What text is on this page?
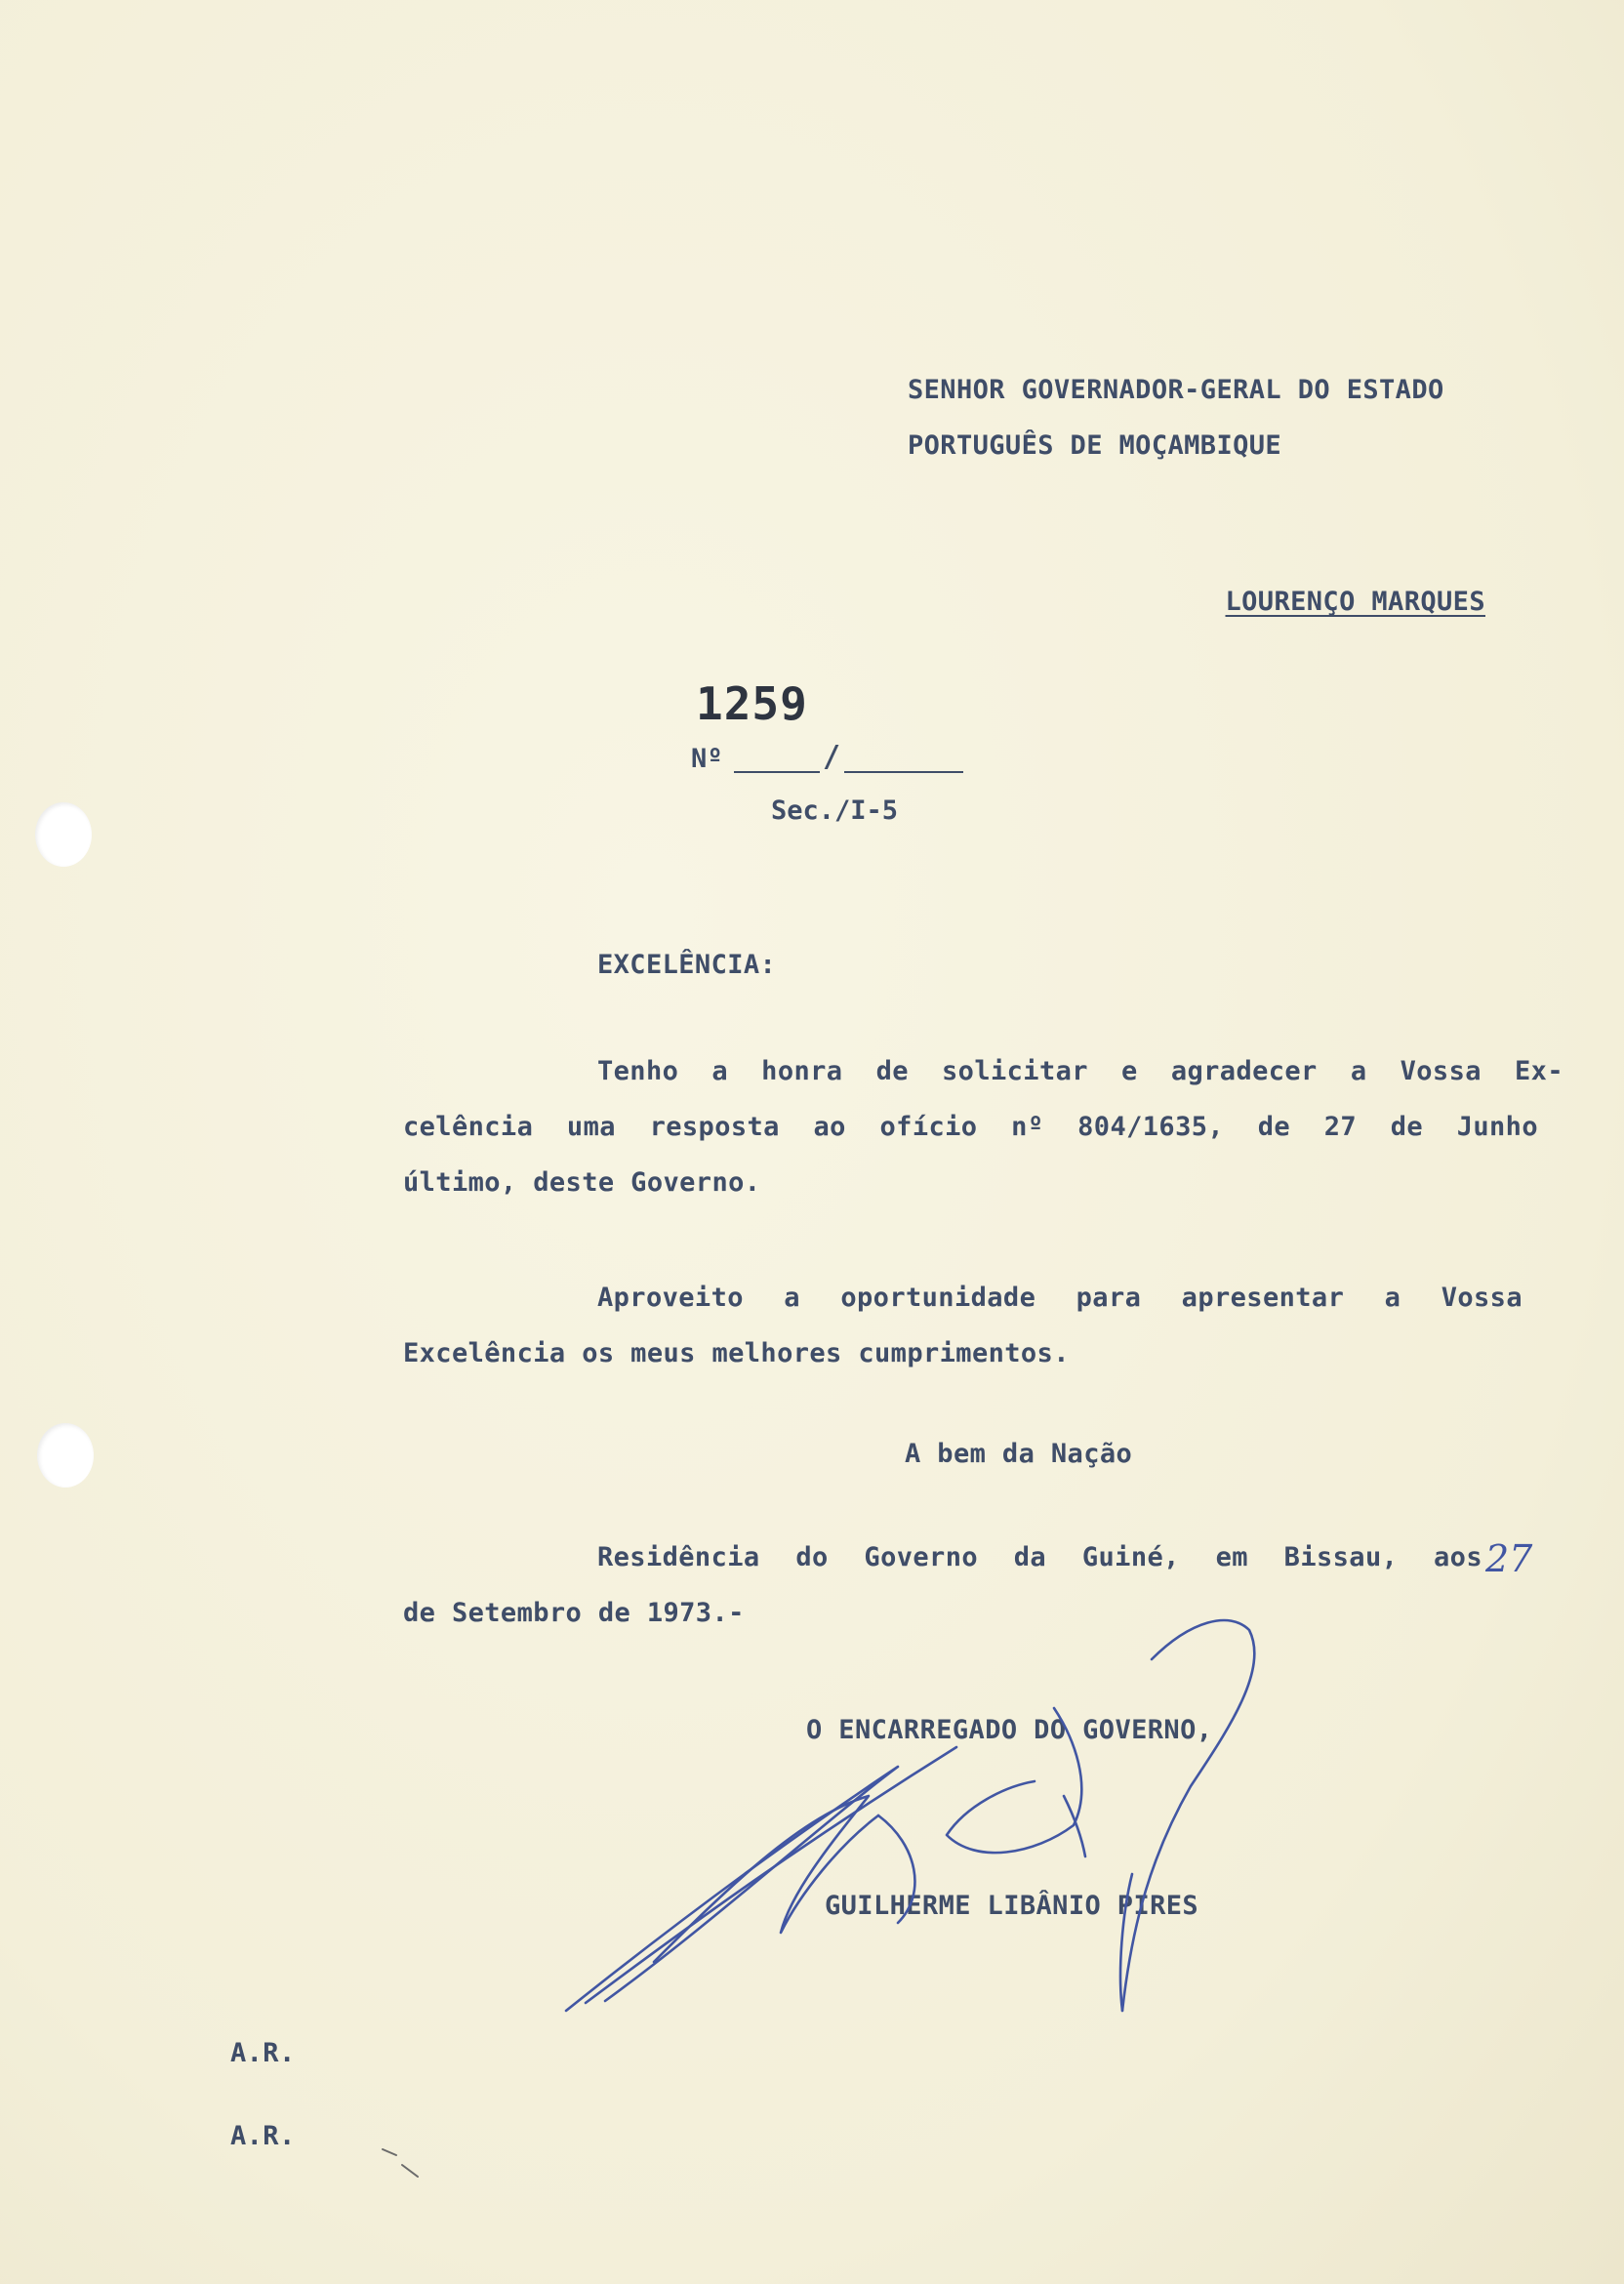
SENHOR GOVERNADOR-GERAL DO ESTADO
PORTUGUÊS DE MOÇAMBIQUE
LOURENÇO MARQUES
1259
Nº	/
Sec./I-5
EXCELÊNCIA:
Tenho a honra de solicitar e agradecer a Vossa Ex-
celência uma resposta ao ofício nº 804/1635, de 27 de Junho
último, deste Governo.
Aproveito a oportunidade para apresentar a Vossa
Excelência os meus melhores cumprimentos.
A bem da Nação
Residência do Governo da Guiné, em Bissau, aos 27
de Setembro de 1973.-
O ENCARREGADO DO GOVERNO,
GUILHERME LIBÂNIO PIRES
A.R.
A.R.
